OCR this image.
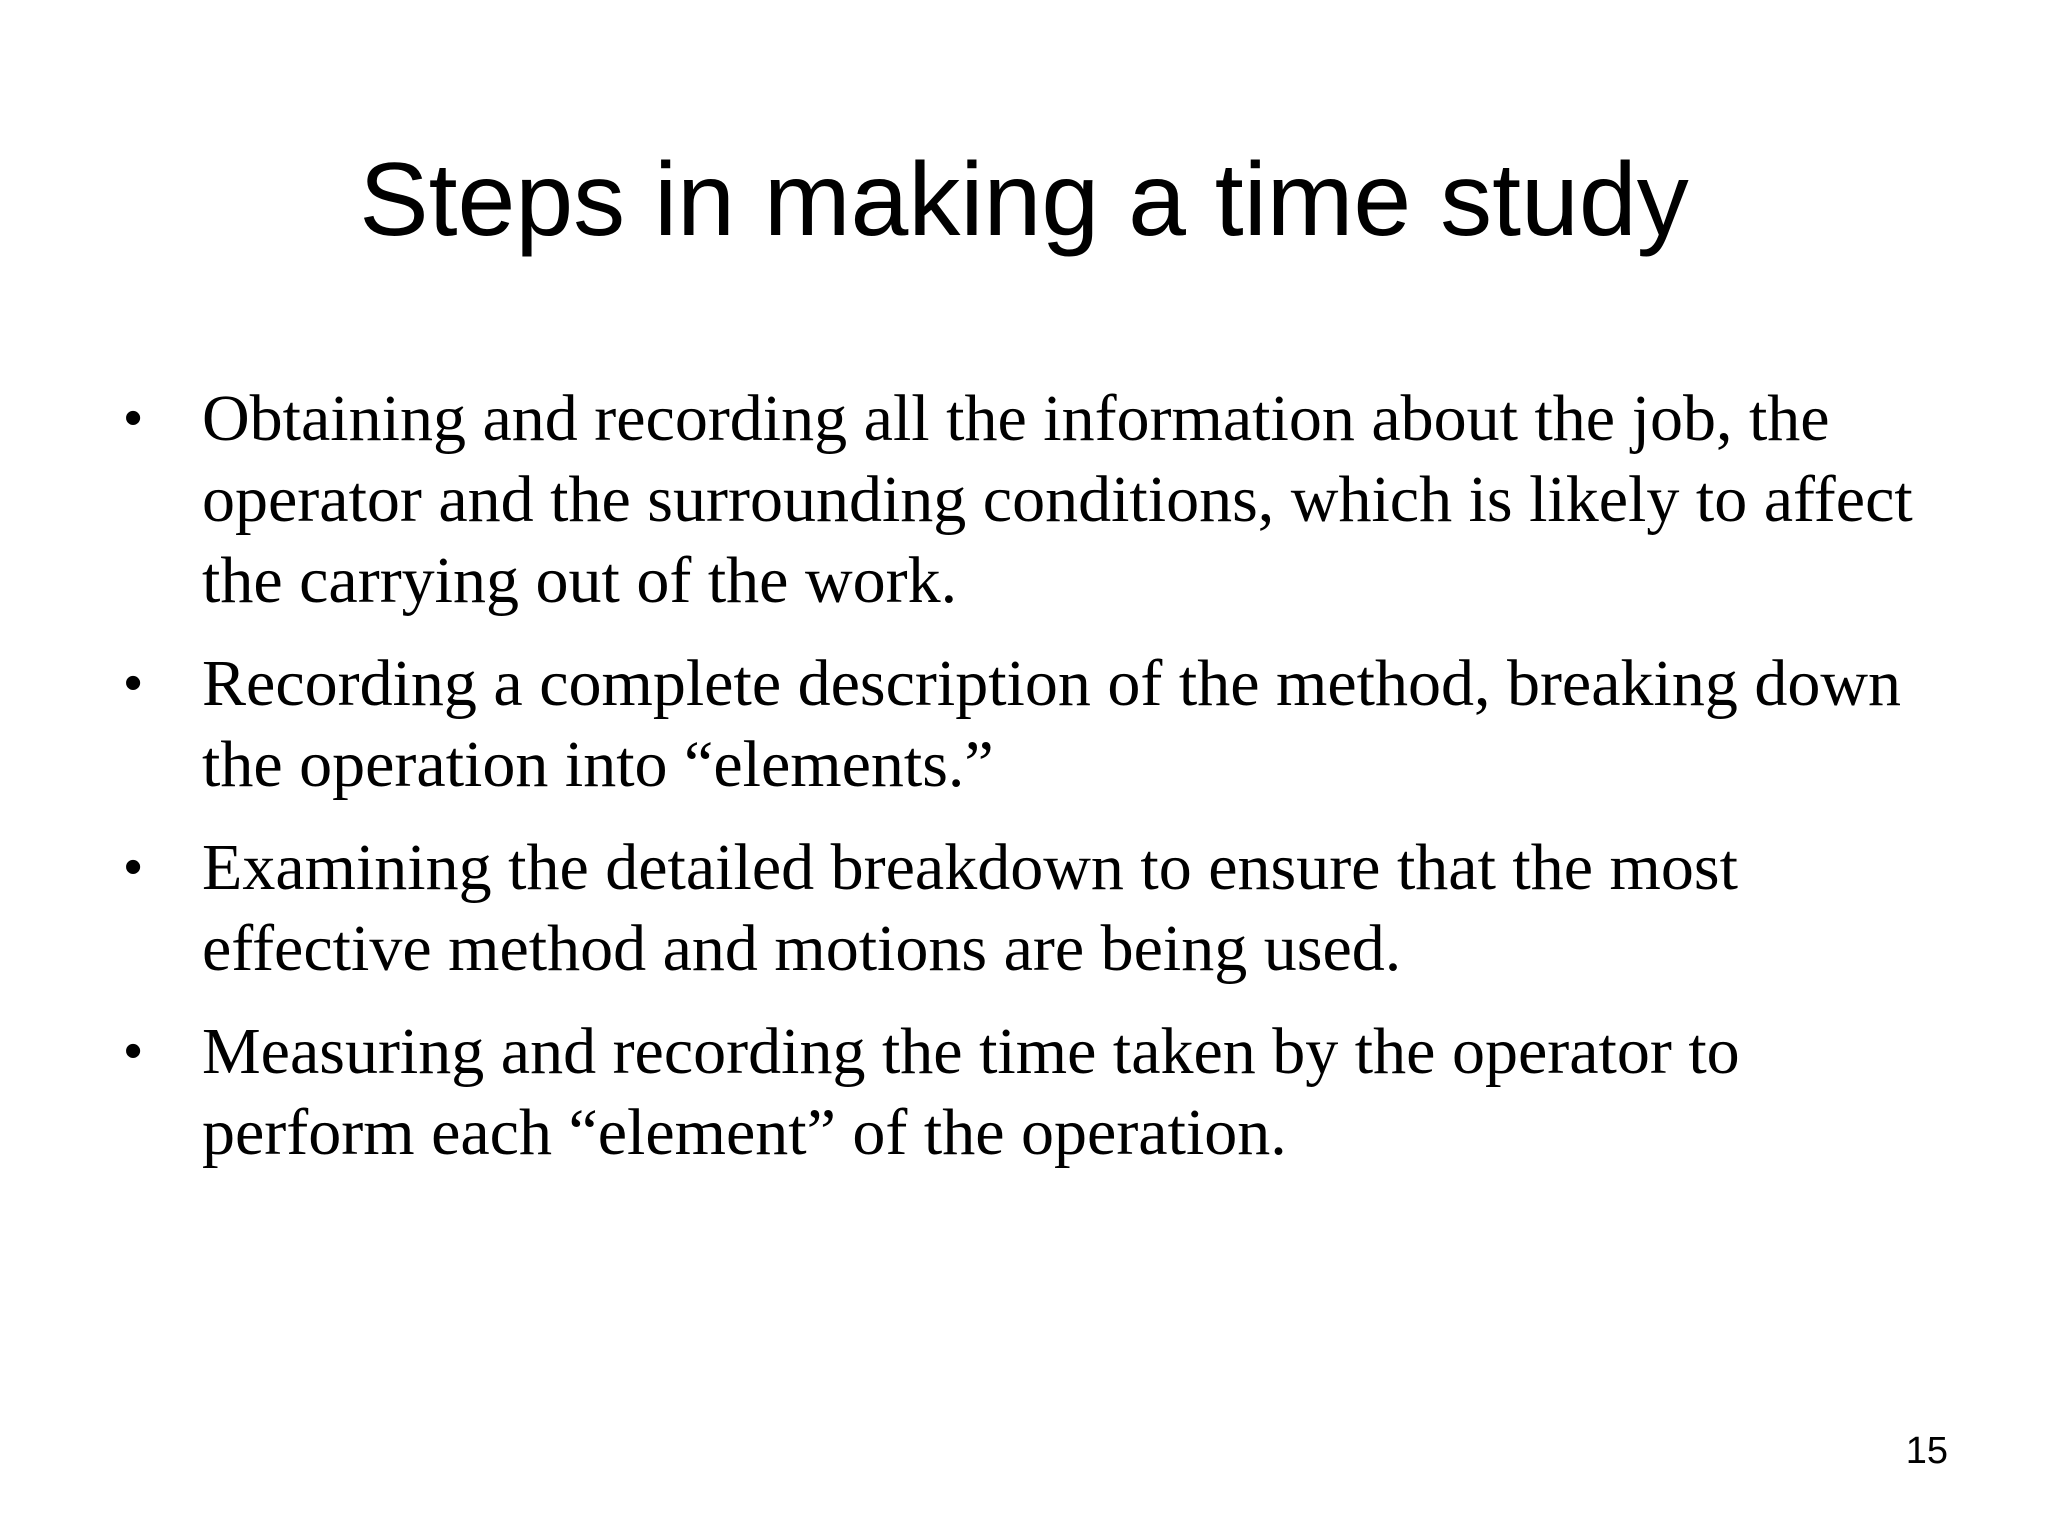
Steps in making a time study
• Obtaining and recording all the information about the job, the operator and the surrounding conditions, which is likely to affect the carrying out of the work.
• Recording a complete description of the method, breaking down the operation into “elements.”
• Examining the detailed breakdown to ensure that the most effective method and motions are being used.
• Measuring and recording the time taken by the operator to perform each “element” of the operation.
15
